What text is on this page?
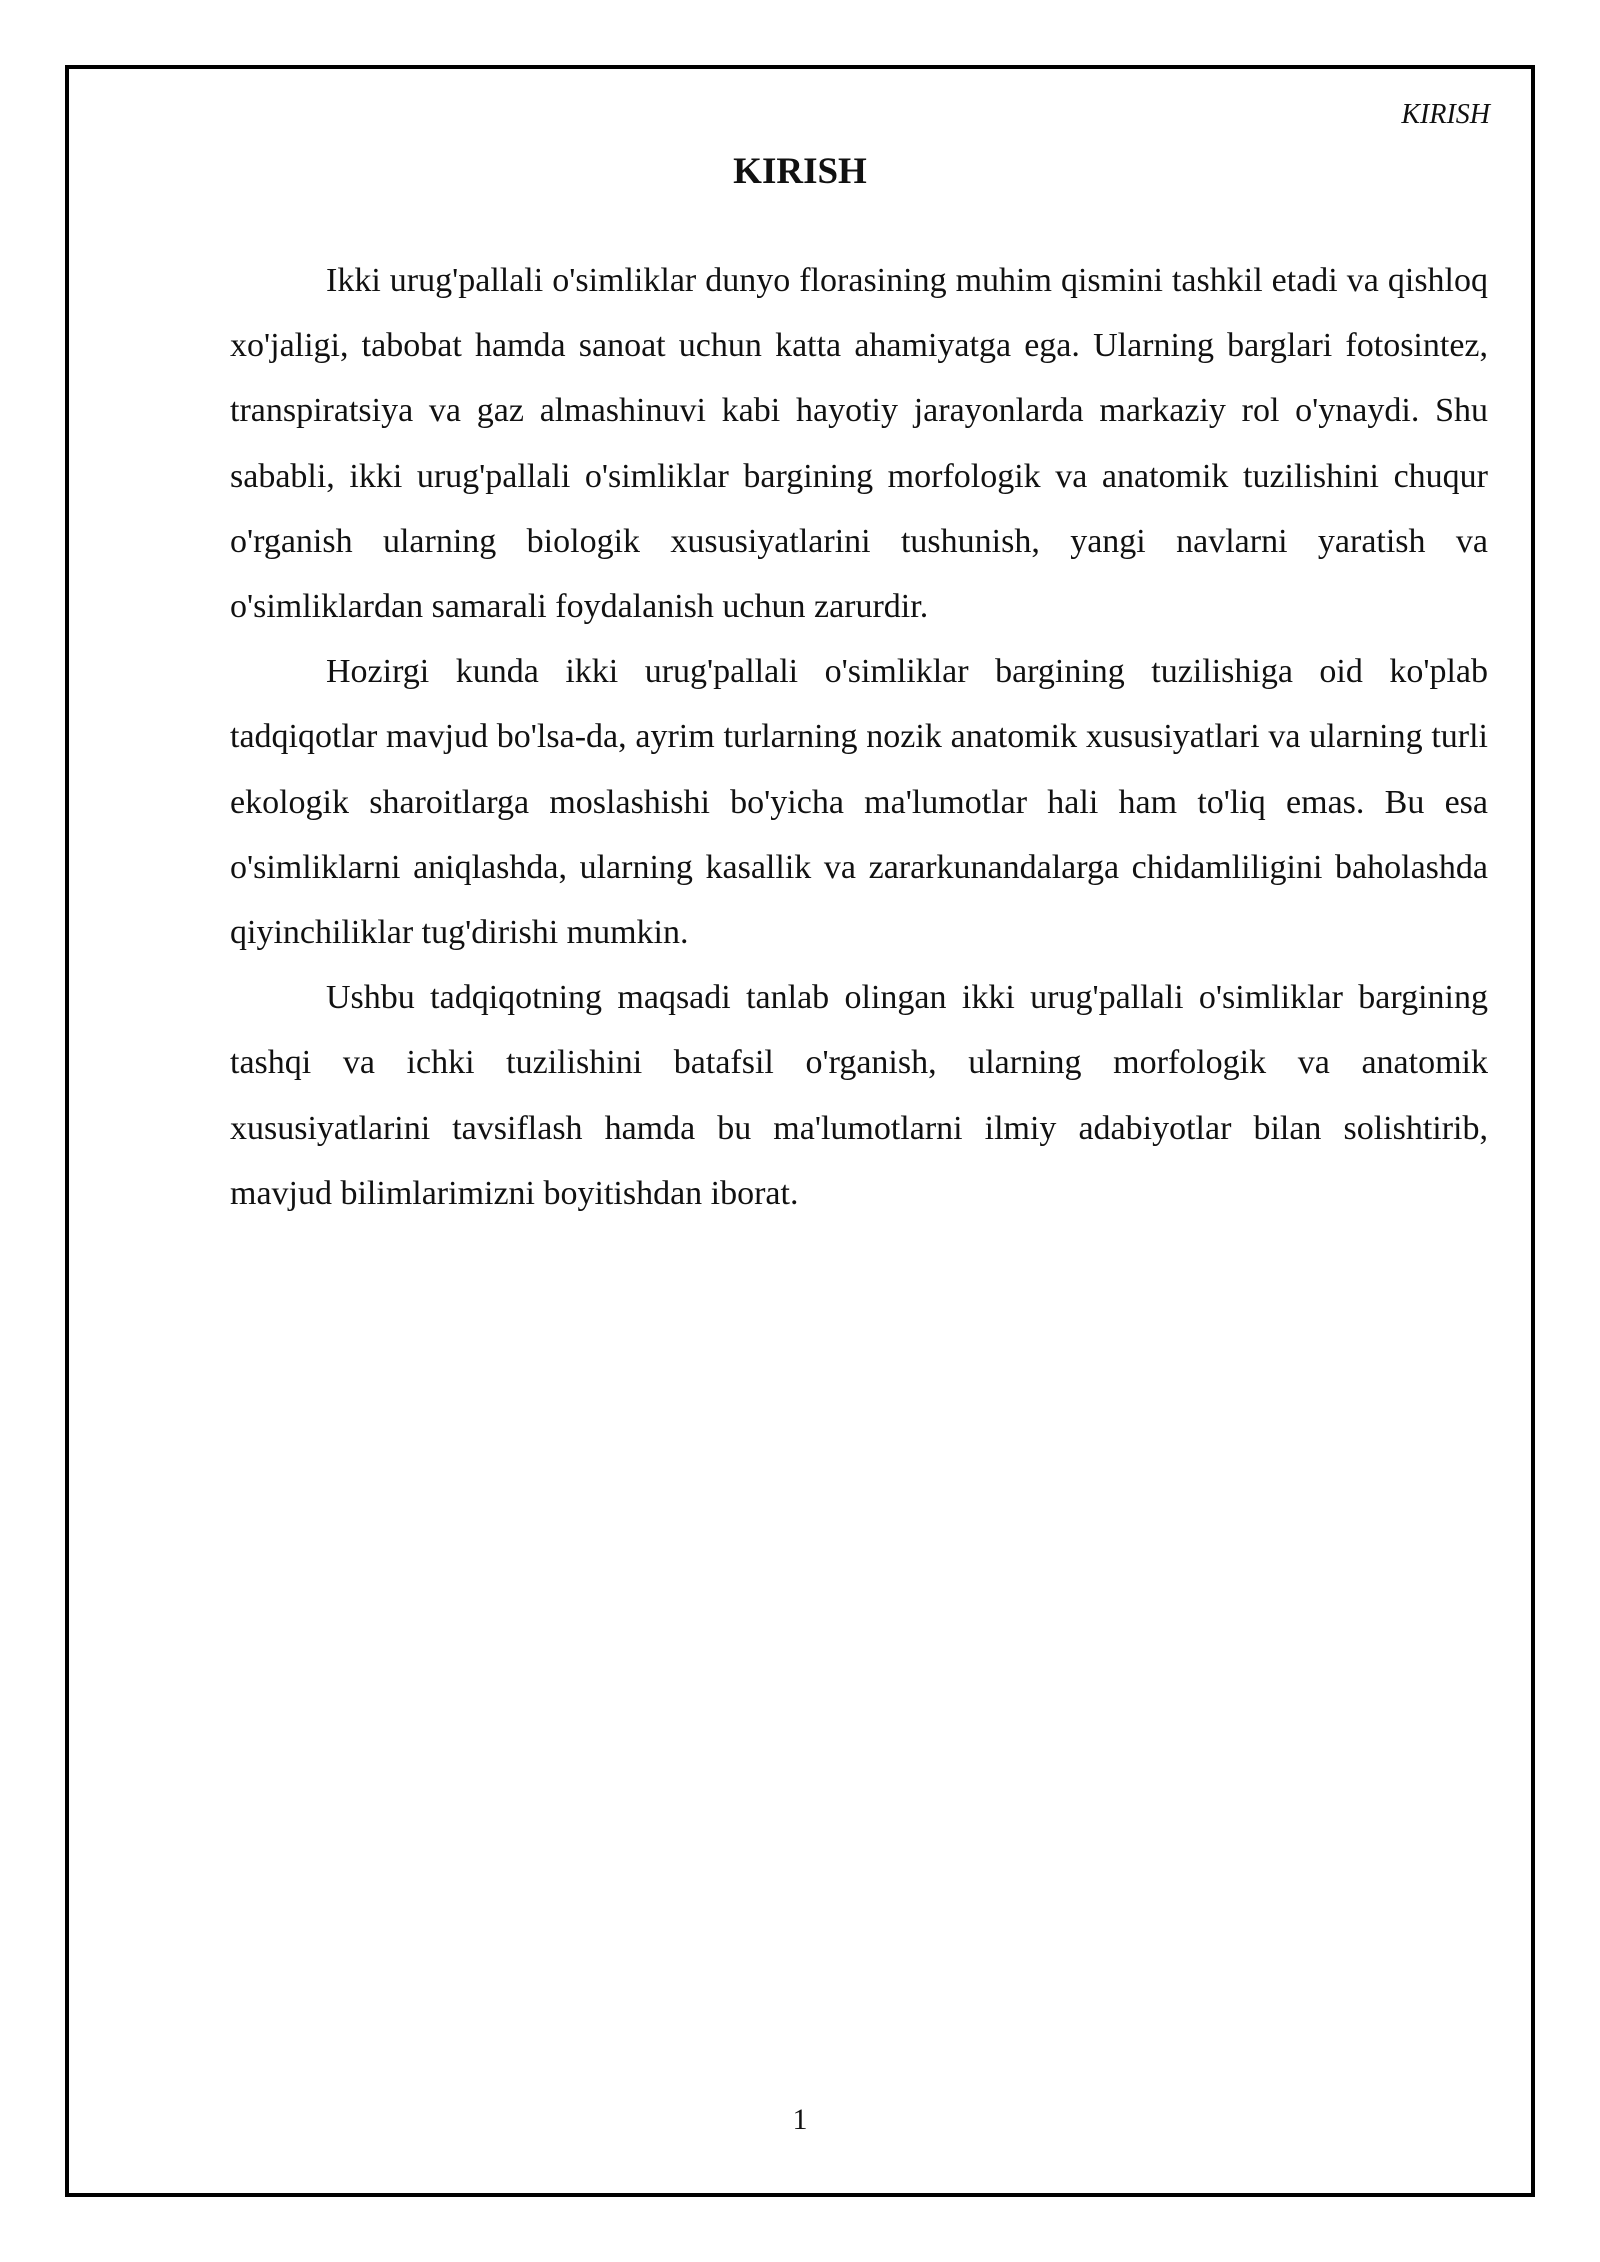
KIRISH
KIRISH

Ikki urug'pallali o'simliklar dunyo florasining muhim qismini tashkil etadi va qishloq xo'jaligi, tabobat hamda sanoat uchun katta ahamiyatga ega. Ularning barglari fotosintez, transpiratsiya va gaz almashinuvi kabi hayotiy jarayonlarda markaziy rol o'ynaydi. Shu sababli, ikki urug'pallali o'simliklar bargining morfologik va anatomik tuzilishini chuqur o'rganish ularning biologik xususiyatlarini tushunish, yangi navlarni yaratish va o'simliklardan samarali foydalanish uchun zarurdir.

Hozirgi kunda ikki urug'pallali o'simliklar bargining tuzilishiga oid ko'plab tadqiqotlar mavjud bo'lsa-da, ayrim turlarning nozik anatomik xususiyatlari va ularning turli ekologik sharoitlarga moslashishi bo'yicha ma'lumotlar hali ham to'liq emas. Bu esa o'simliklarni aniqlashda, ularning kasallik va zararkunandalarga chidamliligini baholashda qiyinchiliklar tug'dirishi mumkin.

Ushbu tadqiqotning maqsadi tanlab olingan ikki urug'pallali o'simliklar bargining tashqi va ichki tuzilishini batafsil o'rganish, ularning morfologik va anatomik xususiyatlarini tavsiflash hamda bu ma'lumotlarni ilmiy adabiyotlar bilan solishtirib, mavjud bilimlarimizni boyitishdan iborat.

1
